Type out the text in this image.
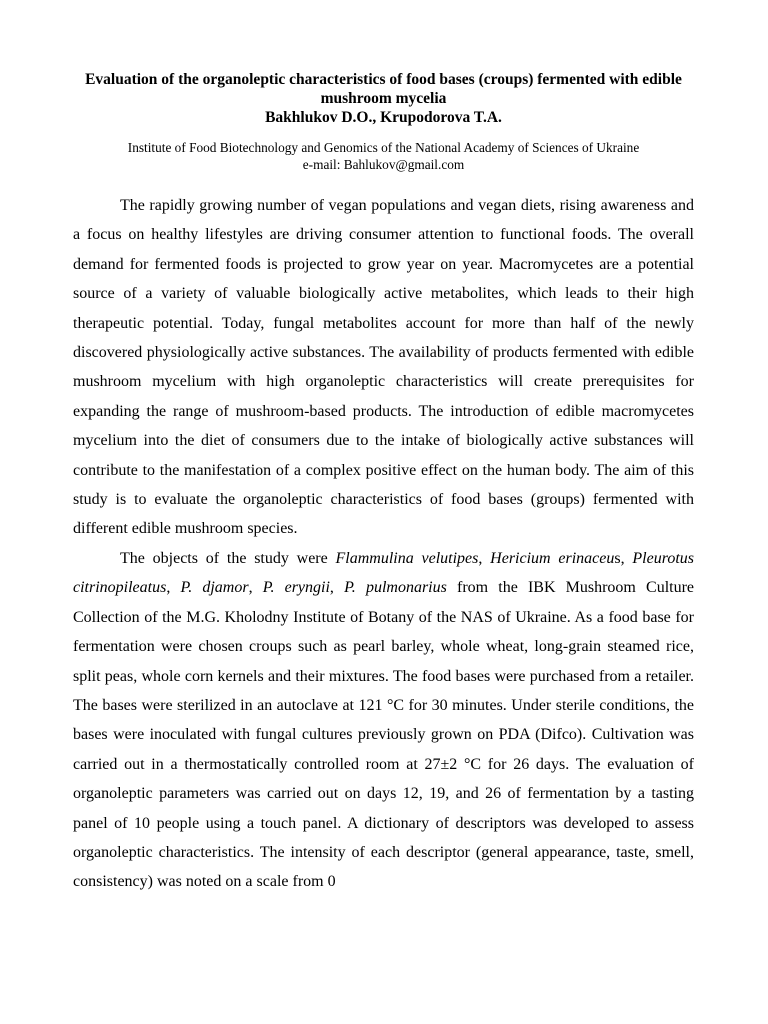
Evaluation of the organoleptic characteristics of food bases (croups) fermented with edible mushroom mycelia

Bakhlukov D.O., Krupodorova T.A.

Institute of Food Biotechnology and Genomics of the National Academy of Sciences of Ukraine

e-mail: Bahlukov@gmail.com

The rapidly growing number of vegan populations and vegan diets, rising awareness and a focus on healthy lifestyles are driving consumer attention to functional foods. The overall demand for fermented foods is projected to grow year on year. Macromycetes are a potential source of a variety of valuable biologically active metabolites, which leads to their high therapeutic potential. Today, fungal metabolites account for more than half of the newly discovered physiologically active substances. The availability of products fermented with edible mushroom mycelium with high organoleptic characteristics will create prerequisites for expanding the range of mushroom-based products. The introduction of edible macromycetes mycelium into the diet of consumers due to the intake of biologically active substances will contribute to the manifestation of a complex positive effect on the human body. The aim of this study is to evaluate the organoleptic characteristics of food bases (groups) fermented with different edible mushroom species.

The objects of the study were Flammulina velutipes, Hericium erinaceus, Pleurotus citrinopileatus, P. djamor, P. eryngii, P. pulmonarius from the IBK Mushroom Culture Collection of the M.G. Kholodny Institute of Botany of the NAS of Ukraine. As a food base for fermentation were chosen croups such as pearl barley, whole wheat, long-grain steamed rice, split peas, whole corn kernels and their mixtures. The food bases were purchased from a retailer. The bases were sterilized in an autoclave at 121 °C for 30 minutes. Under sterile conditions, the bases were inoculated with fungal cultures previously grown on PDA (Difco). Cultivation was carried out in a thermostatically controlled room at 27±2 °C for 26 days. The evaluation of organoleptic parameters was carried out on days 12, 19, and 26 of fermentation by a tasting panel of 10 people using a touch panel. A dictionary of descriptors was developed to assess organoleptic characteristics. The intensity of each descriptor (general appearance, taste, smell, consistency) was noted on a scale from 0
